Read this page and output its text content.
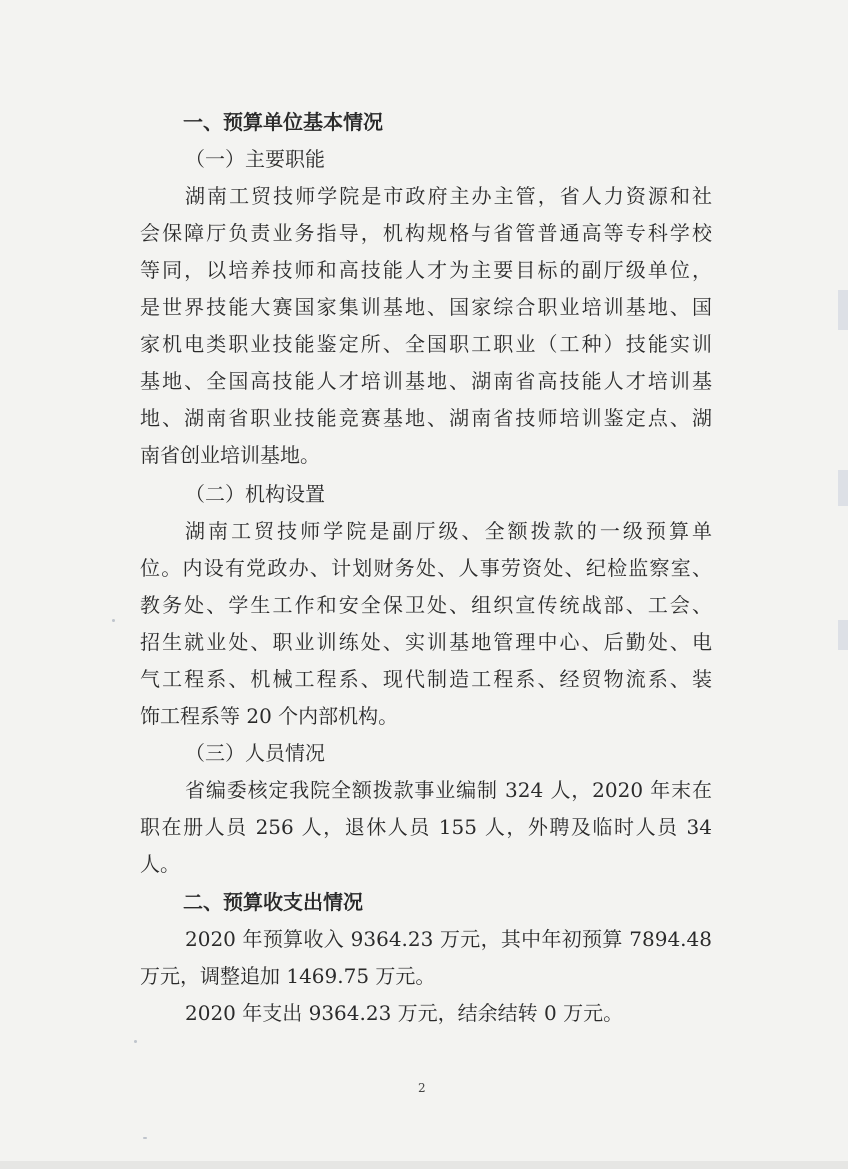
一、预算单位基本情况
（一）主要职能
湖南工贸技师学院是市政府主办主管，省人力资源和社
会保障厅负责业务指导，机构规格与省管普通高等专科学校
等同，以培养技师和高技能人才为主要目标的副厅级单位，
是世界技能大赛国家集训基地、国家综合职业培训基地、国
家机电类职业技能鉴定所、全国职工职业（工种）技能实训
基地、全国高技能人才培训基地、湖南省高技能人才培训基
地、湖南省职业技能竞赛基地、湖南省技师培训鉴定点、湖
南省创业培训基地。
（二）机构设置
湖南工贸技师学院是副厅级、全额拨款的一级预算单
位。内设有党政办、计划财务处、人事劳资处、纪检监察室、
教务处、学生工作和安全保卫处、组织宣传统战部、工会、
招生就业处、职业训练处、实训基地管理中心、后勤处、电
气工程系、机械工程系、现代制造工程系、经贸物流系、装
饰工程系等 20 个内部机构。
（三）人员情况
省编委核定我院全额拨款事业编制 324 人，2020 年末在
职在册人员 256 人，退休人员 155 人，外聘及临时人员 34
人。
二、预算收支出情况
2020 年预算收入 9364.23 万元，其中年初预算 7894.48
万元，调整追加 1469.75 万元。
2020 年支出 9364.23 万元，结余结转 0 万元。
2
